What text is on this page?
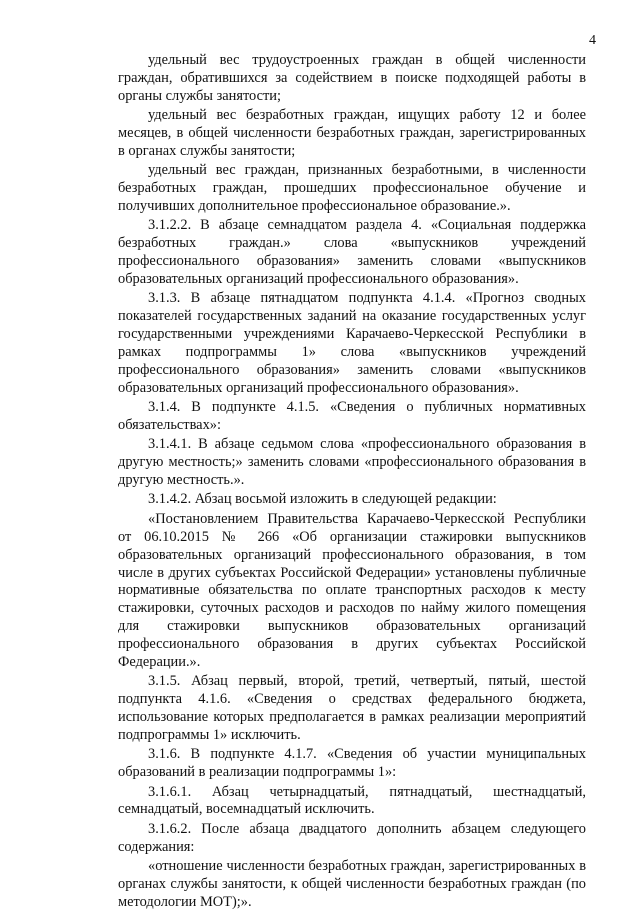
4

удельный вес трудоустроенных граждан в общей численности граждан, обратившихся за содействием в поиске подходящей работы в органы службы занятости;

удельный вес безработных граждан, ищущих работу 12 и более месяцев, в общей численности безработных граждан, зарегистрированных в органах службы занятости;

удельный вес граждан, признанных безработными, в численности безработных граждан, прошедших профессиональное обучение и получивших дополнительное профессиональное образование.».

3.1.2.2. В абзаце семнадцатом раздела 4. «Социальная поддержка безработных граждан.» слова «выпускников учреждений профессионального образования» заменить словами «выпускников образовательных организаций профессионального образования».

3.1.3. В абзаце пятнадцатом подпункта 4.1.4. «Прогноз сводных показателей государственных заданий на оказание государственных услуг государственными учреждениями Карачаево-Черкесской Республики в рамках подпрограммы 1» слова «выпускников учреждений профессионального образования» заменить словами «выпускников образовательных организаций профессионального образования».

3.1.4. В подпункте 4.1.5. «Сведения о публичных нормативных обязательствах»:

3.1.4.1. В абзаце седьмом слова «профессионального образования в другую местность;» заменить словами «профессионального образования в другую местность.».

3.1.4.2. Абзац восьмой изложить в следующей редакции:

«Постановлением Правительства Карачаево-Черкесской Республики от 06.10.2015 № 266 «Об организации стажировки выпускников образовательных организаций профессионального образования, в том числе в других субъектах Российской Федерации» установлены публичные нормативные обязательства по оплате транспортных расходов к месту стажировки, суточных расходов и расходов по найму жилого помещения для стажировки выпускников образовательных организаций профессионального образования в других субъектах Российской Федерации.».

3.1.5. Абзац первый, второй, третий, четвертый, пятый, шестой подпункта 4.1.6. «Сведения о средствах федерального бюджета, использование которых предполагается в рамках реализации мероприятий подпрограммы 1» исключить.

3.1.6. В подпункте 4.1.7. «Сведения об участии муниципальных образований в реализации подпрограммы 1»:

3.1.6.1. Абзац четырнадцатый, пятнадцатый, шестнадцатый, семнадцатый, восемнадцатый исключить.

3.1.6.2. После абзаца двадцатого дополнить абзацем следующего содержания:

«отношение численности безработных граждан, зарегистрированных в органах службы занятости, к общей численности безработных граждан (по методологии МОТ);».
